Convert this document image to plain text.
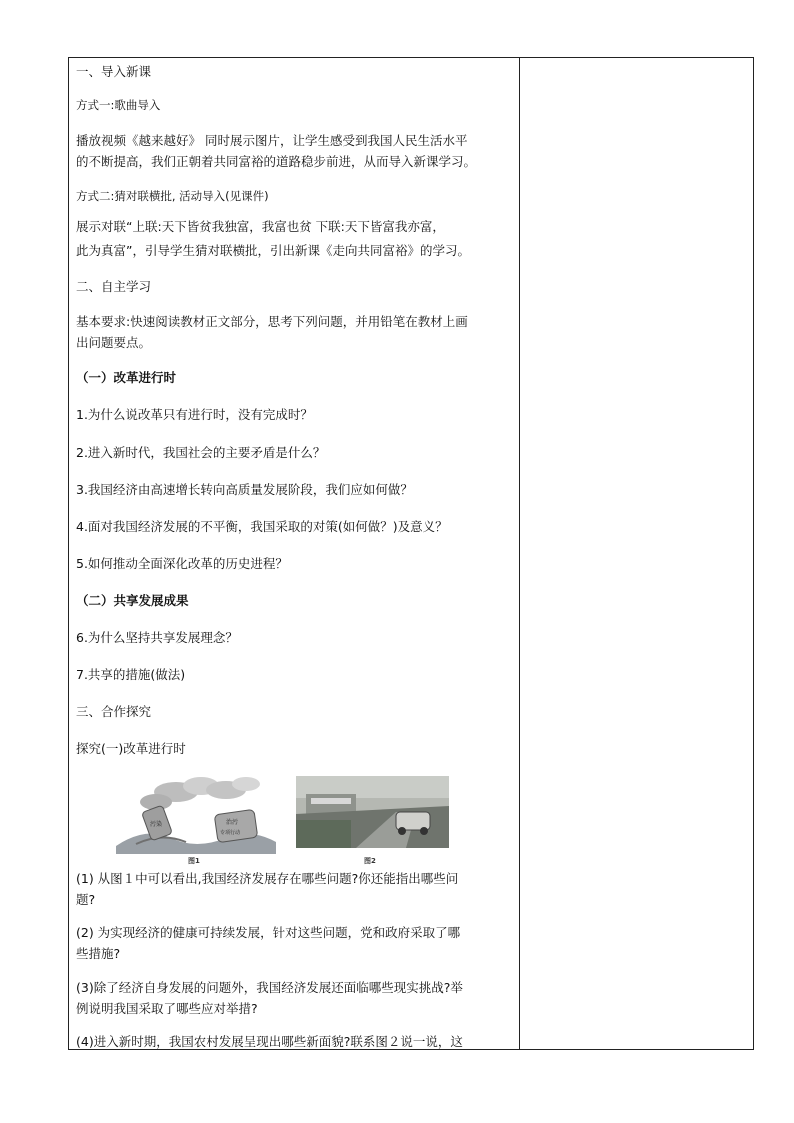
一、导入新课
方式一:歌曲导入
播放视频《越来越好》 同时展示图片，让学生感受到我国人民生活水平
的不断提高，我们正朝着共同富裕的道路稳步前进，从而导入新课学习。
方式二:猜对联横批, 活动导入(见课件)
展示对联“上联:天下皆贫我独富，我富也贫 下联:天下皆富我亦富，
此为真富”，引导学生猜对联横批，引出新课《走向共同富裕》的学习。
二、自主学习
基本要求:快速阅读教材正文部分，思考下列问题，并用铅笔在教材上画
出问题要点。
（一）改革进行时
1.为什么说改革只有进行时，没有完成时？
2.进入新时代，我国社会的主要矛盾是什么？
3.我国经济由高速增长转向高质量发展阶段，我们应如何做？
4.面对我国经济发展的不平衡，我国采取的对策(如何做？)及意义？
5.如何推动全面深化改革的历史进程？
（二）共享发展成果
6.为什么坚持共享发展理念？
7.共享的措施(做法)
三、合作探究
探究(一)改革进行时
治污
专项行动
污染
图1	图2
(1) 从图１中可以看出,我国经济发展存在哪些问题?你还能指出哪些问
题?
(2) 为实现经济的健康可持续发展，针对这些问题，党和政府采取了哪
些措施?
(3)除了经济自身发展的问题外，我国经济发展还面临哪些现实挑战?举
例说明我国采取了哪些应对举措?
(4)进入新时期，我国农村发展呈现出哪些新面貌?联系图２说一说，这
